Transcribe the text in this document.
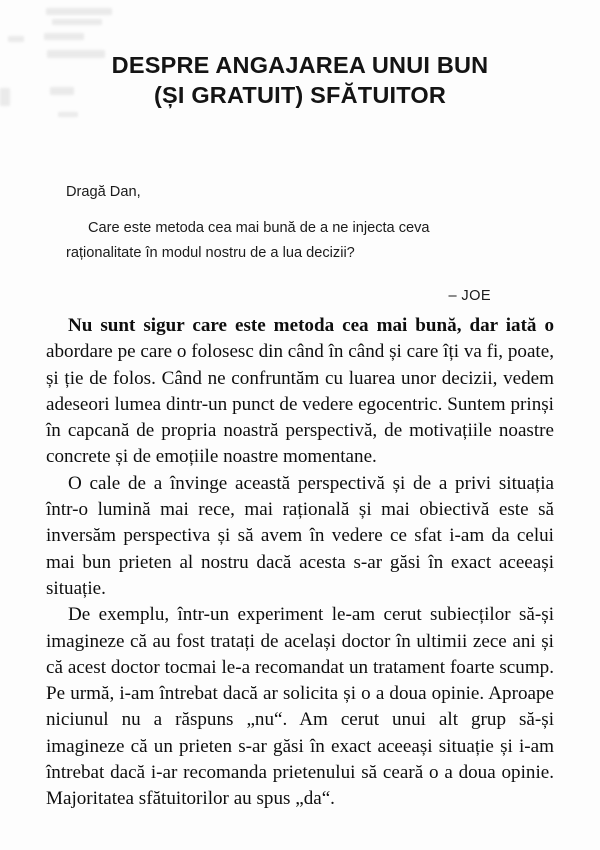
DESPRE ANGAJAREA UNUI BUN
(ȘI GRATUIT) SFĂTUITOR
Dragă Dan,
Care este metoda cea mai bună de a ne injecta ceva raționalitate în modul nostru de a lua decizii?
– JOE

Nu sunt sigur care este metoda cea mai bună, dar iată o abordare pe care o folosesc din când în când și care îți va fi, poate, și ție de folos. Când ne confruntăm cu luarea unor decizii, vedem adeseori lumea dintr-un punct de vedere egocentric. Suntem prinși în capcană de propria noastră perspectivă, de motivațiile noastre concrete și de emoțiile noastre momentane.

O cale de a învinge această perspectivă și de a privi situația într-o lumină mai rece, mai rațională și mai obiectivă este să inversăm perspectiva și să avem în vedere ce sfat i-am da celui mai bun prieten al nostru dacă acesta s-ar găsi în exact aceeași situație.

De exemplu, într-un experiment le-am cerut subiecților să-și imagineze că au fost tratați de același doctor în ultimii zece ani și că acest doctor tocmai le-a recomandat un tratament foarte scump. Pe urmă, i-am întrebat dacă ar solicita și o a doua opinie. Aproape niciunul nu a răspuns „nu“. Am cerut unui alt grup să-și imagineze că un prieten s-ar găsi în exact aceeași situație și i-am întrebat dacă i-ar recomanda prietenului să ceară o a doua opinie. Majoritatea sfătuitorilor au spus „da“.
